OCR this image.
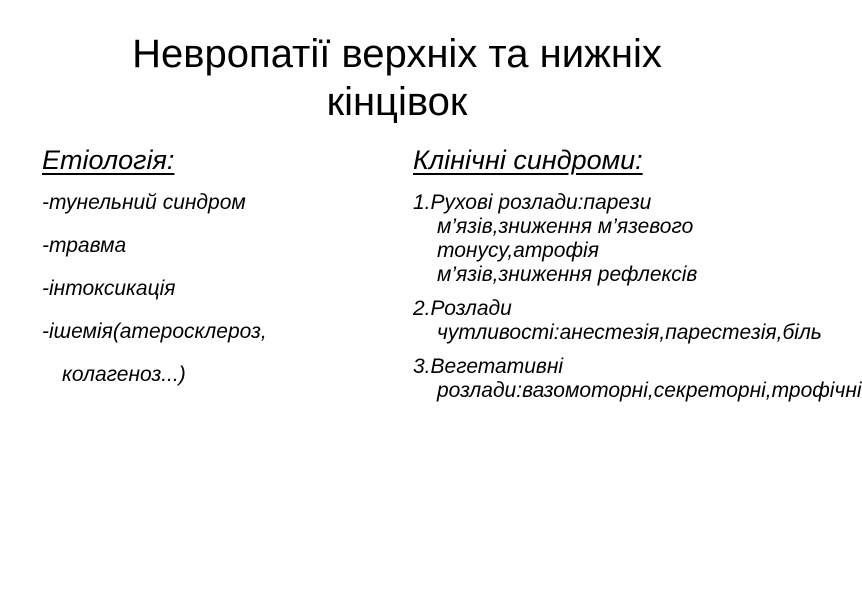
Невропатії верхніх та нижніх
кінцівок
Етіологія:
-тунельний синдром
-травма
-інтоксикація
-ішемія(атеросклероз,
колагеноз...)
Клінічні синдроми:
1.Рухові розлади:парези м’язів,зниження м’язевого тонусу,атрофія м’язів,зниження рефлексів
2.Розлади чутливості:анестезія,парестезія,біль
3.Вегетативні розлади:вазомоторні,секреторні,трофічні
